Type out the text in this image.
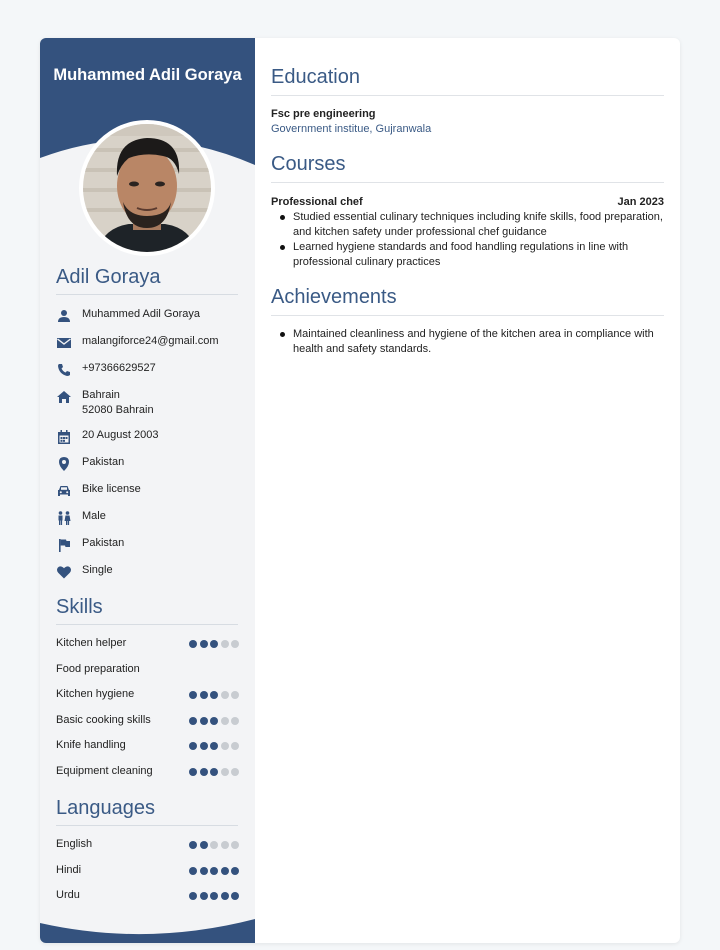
Muhammed Adil Goraya
Adil Goraya
Muhammed Adil Goraya
malangiforce24@gmail.com
+97366629527
Bahrain
52080 Bahrain
20 August 2003
Pakistan
Bike license
Male
Pakistan
Single
Skills
Kitchen helper
Food preparation
Kitchen hygiene
Basic cooking skills
Knife handling
Equipment cleaning
Languages
English
Hindi
Urdu
Education
Fsc pre engineering
Government institue, Gujranwala
Courses
Professional chef	Jan 2023
Studied essential culinary techniques including knife skills, food preparation, and kitchen safety under professional chef guidance
Learned hygiene standards and food handling regulations in line with professional culinary practices
Achievements
Maintained cleanliness and hygiene of the kitchen area in compliance with health and safety standards.
